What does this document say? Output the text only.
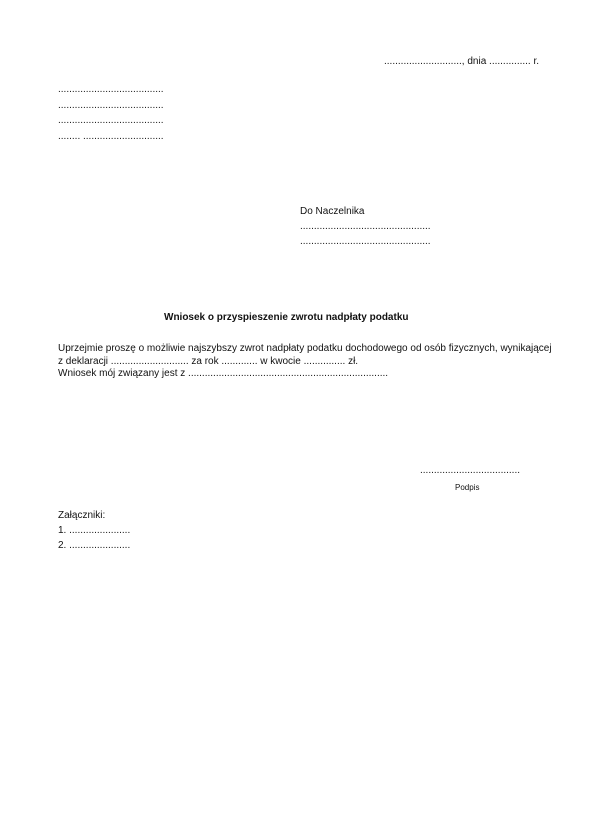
............................, dnia ............... r.
......................................
......................................
......................................
........ .............................
Do Naczelnika
...............................................
...............................................
Wniosek o przyspieszenie zwrotu nadpłaty podatku
Uprzejmie proszę o możliwie najszybszy zwrot nadpłaty podatku dochodowego od osób fizycznych, wynikającej
z deklaracji ............................ za rok ............. w kwocie ............... zł.
Wniosek mój związany jest z ........................................................................
....................................
Podpis
Załączniki:
1. ......................
2. ......................
